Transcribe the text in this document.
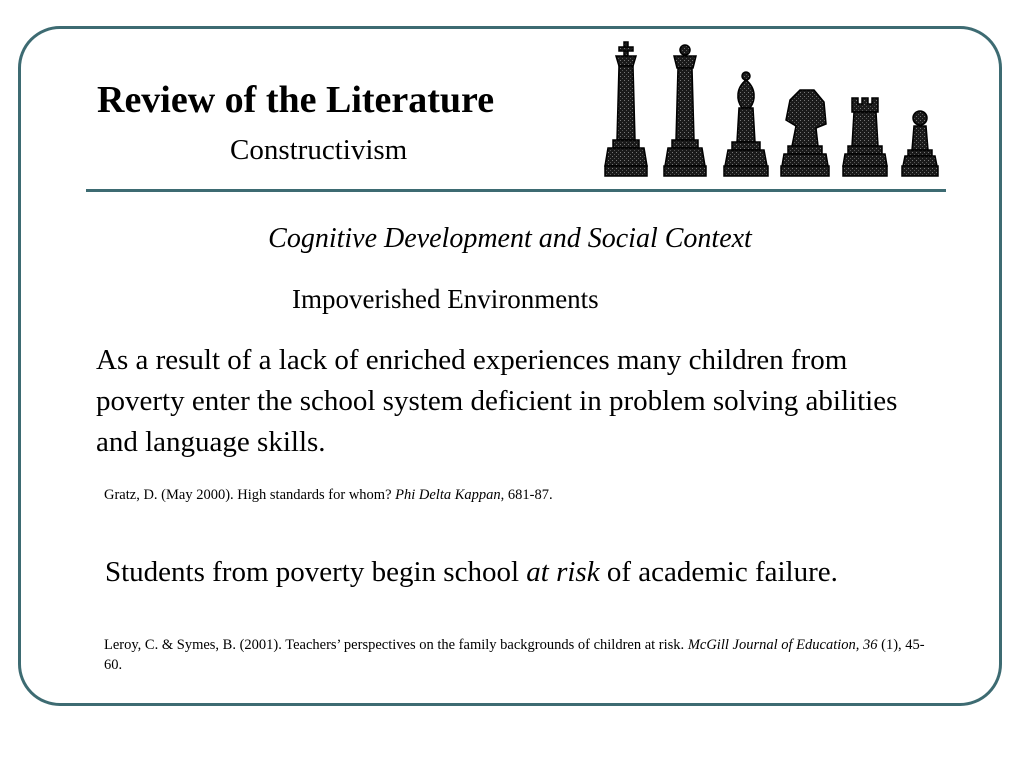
Review of the Literature
Constructivism
Cognitive Development and Social Context
Impoverished Environments
As a result of a lack of enriched experiences many children from poverty enter the school system deficient in problem solving abilities and language skills.
Gratz, D. (May 2000). High standards for whom? Phi Delta Kappan, 681-87.
Students from poverty begin school at risk of academic failure.
Leroy, C. & Symes, B. (2001). Teachers’ perspectives on the family backgrounds of children at risk. McGill Journal of Education, 36 (1), 45-60.
